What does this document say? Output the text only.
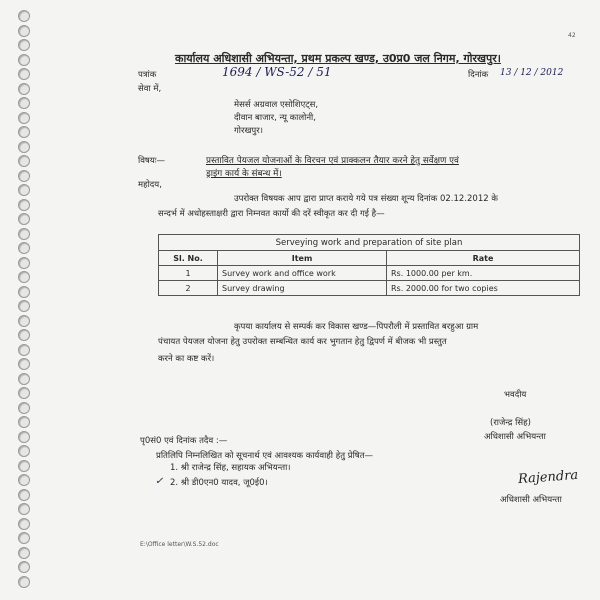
42
कार्यालय अधिशासी अभियन्ता, प्रथम प्रकल्प खण्ड, उ0प्र0 जल निगम, गोरखपुर।
पत्रांक	1694 / WS-52 / 51	दिनांक 13 / 12 / 2012
सेवा में,
मेसर्स अग्रवाल एसोशिएट्स,
दीवान बाजार, न्यू कालोनी,
गोरखपुर।
विषयः—	प्रस्तावित पेयजल योजनाओं के विरचन एवं प्राक्कलन तैयार करने हेतु सर्वेक्षण एवं
ड्राइंग कार्य के संबन्ध में।
महोदय,
उपरोक्त विषयक आप द्वारा प्राप्त कराये गये पत्र संख्या शून्य दिनांक 02.12.2012 के
सन्दर्भ में अधोहस्ताक्षरी द्वारा निम्नवत कार्यो की दरें स्वीकृत कर दी गई है—
Serveying work and preparation of site plan		
Sl. No.	Item	Rate
1	Survey work and office work	Rs. 1000.00 per km.
2	Survey drawing	Rs. 2000.00 for two copies
कृपया कार्यालय से सम्पर्क कर विकास खण्ड—पिपरौली में प्रस्तावित बरहुआ ग्राम
पंचायत पेयजल योजना हेतु उपरोक्त सम्बन्धित कार्य कर भुगतान हेतु द्विपर्ण में बीजक भी प्रस्तुत
करने का कष्ट करें।
भवदीय
(राजेन्द्र सिंह)
अधिशासी अभियन्ता
पृ0सं0 एवं दिनांक तदैव :—
प्रतिलिपि निम्नलिखित को सूचनार्थ एवं आवश्यक कार्यवाही हेतु प्रेषित—
1. श्री राजेन्द्र सिंह, सहायक अभियन्ता।
2. श्री डी0एन0 यादव, जू0ई0।
✓	Rajendra
अधिशासी अभियन्ता
E:\Office letter\W.S.52.doc
